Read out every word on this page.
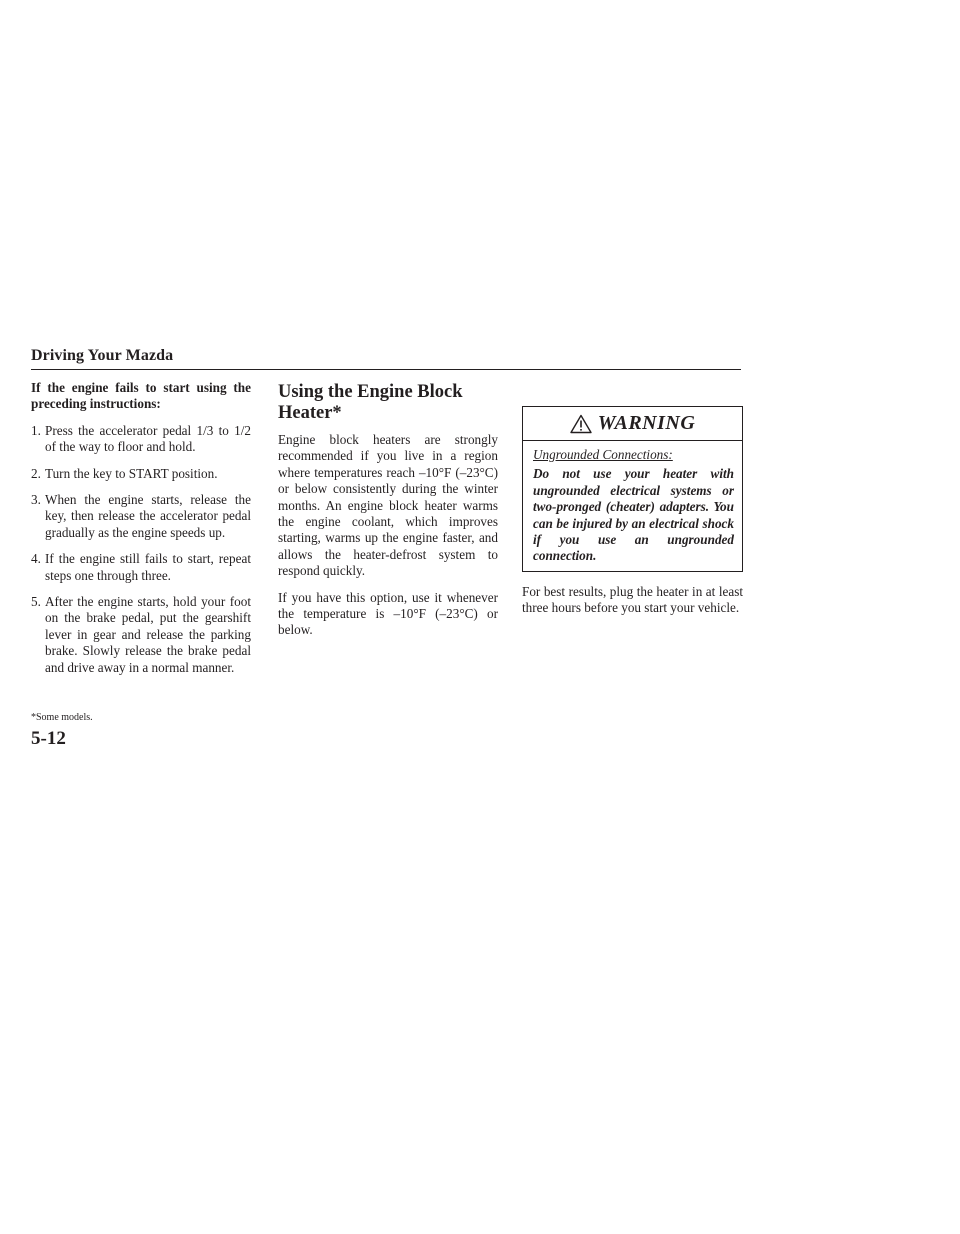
Driving Your Mazda

If the engine fails to start using the preceding instructions:

1. Press the accelerator pedal 1/3 to 1/2 of the way to floor and hold.
2. Turn the key to START position.
3. When the engine starts, release the key, then release the accelerator pedal gradually as the engine speeds up.
4. If the engine still fails to start, repeat steps one through three.
5. After the engine starts, hold your foot on the brake pedal, put the gearshift lever in gear and release the parking brake. Slowly release the brake pedal and drive away in a normal manner.
Using the Engine Block Heater*

Engine block heaters are strongly recommended if you live in a region where temperatures reach –10°F (–23°C) or below consistently during the winter months. An engine block heater warms the engine coolant, which improves starting, warms up the engine faster, and allows the heater-defrost system to respond quickly.

If you have this option, use it whenever the temperature is –10°F (–23°C) or below.

WARNING
Ungrounded Connections:
Do not use your heater with ungrounded electrical systems or two-pronged (cheater) adapters. You can be injured by an electrical shock if you use an ungrounded connection.

For best results, plug the heater in at least three hours before you start your vehicle.

*Some models.
5-12
